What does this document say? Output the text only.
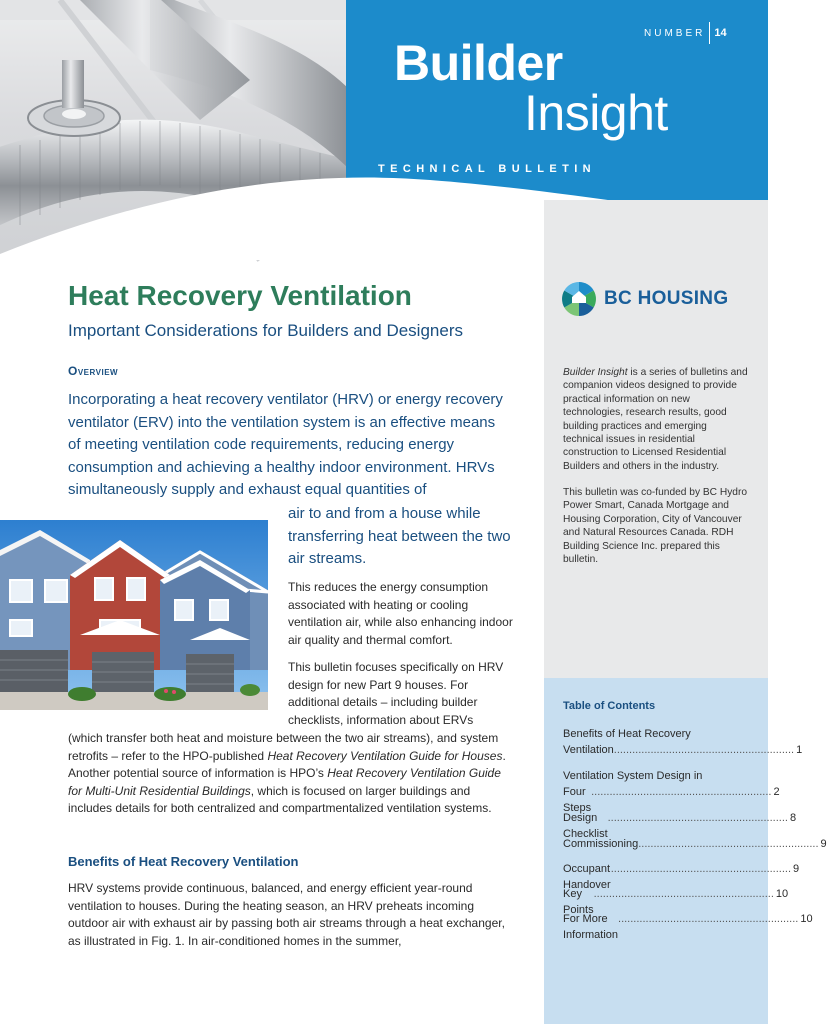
NUMBER 14
Builder
Insight
TECHNICAL BULLETIN
BC HOUSING
Builder Insight is a series of bulletins and companion videos designed to provide practical information on new technologies, research results, good building practices and emerging technical issues in residential construction to Licensed Residential Builders and others in the industry.
This bulletin was co-funded by BC Hydro Power Smart, Canada Mortgage and Housing Corporation, City of Vancouver and Natural Resources Canada. RDH Building Science Inc. prepared this bulletin.
Table of Contents
Benefits of Heat Recovery
Ventilation ........................................................... 1
Ventilation System Design in
Four Steps
........................................................... 2
Design Checklist
........................................................... 8
Commissioning ........................................................... 9
Occupant Handover
........................................................... 9
Key Points
........................................................... 10
For More Information
........................................................... 10
Heat Recovery Ventilation
Important Considerations for Builders and Designers
Overview

Incorporating a heat recovery ventilator (HRV) or energy recovery ventilator (ERV) into the ventilation system is an effective means of meeting ventilation code requirements, reducing energy consumption and achieving a healthy indoor environment. HRVs simultaneously supply and exhaust equal quantities of

air to and from a house while transferring heat between the two air streams.

This reduces the energy consumption associated with heating or cooling ventilation air, while also enhancing indoor air quality and thermal comfort.

This bulletin focuses specifically on HRV design for new Part 9 houses. For additional details – including builder checklists, information about ERVs

(which transfer both heat and moisture between the two air streams), and system retrofits – refer to the HPO-published Heat Recovery Ventilation Guide for Houses. Another potential source of information is HPO’s Heat Recovery Ventilation Guide for Multi-Unit Residential Buildings, which is focused on larger buildings and includes details for both centralized and compartmentalized ventilation systems.

Benefits of Heat Recovery Ventilation

HRV systems provide continuous, balanced, and energy efficient year-round ventilation to houses. During the heating season, an HRV preheats incoming outdoor air with exhaust air by passing both air streams through a heat exchanger, as illustrated in Fig. 1. In air-conditioned homes in the summer,
